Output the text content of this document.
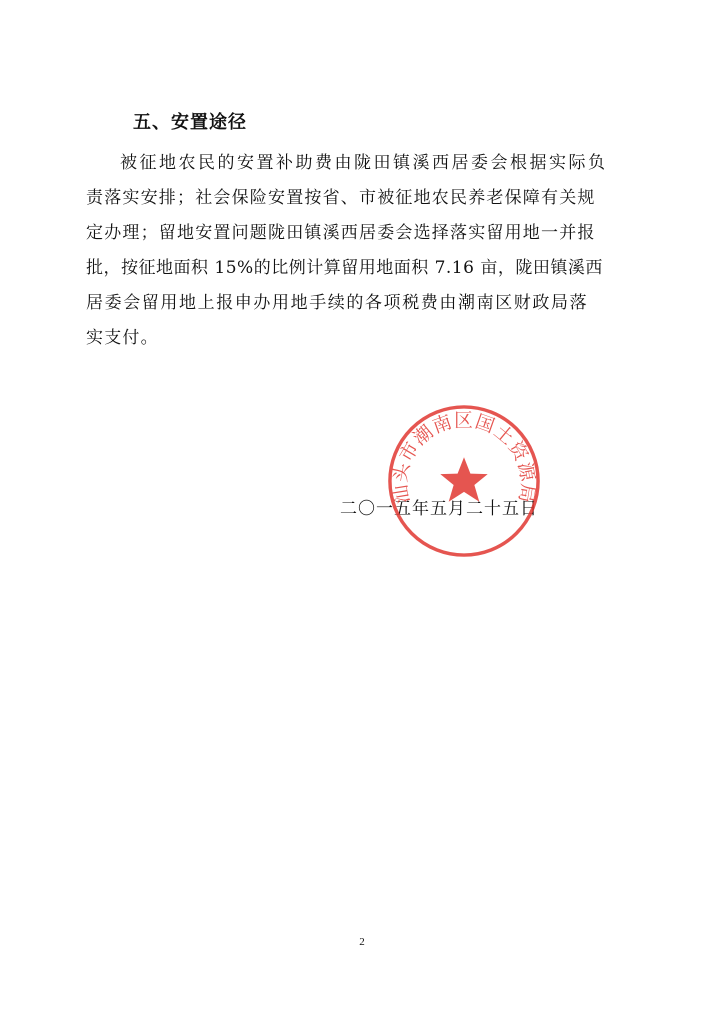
五、安置途径
被征地农民的安置补助费由陇田镇溪西居委会根据实际负
责落实安排；社会保险安置按省、市被征地农民养老保障有关规
定办理；留地安置问题陇田镇溪西居委会选择落实留用地一并报
批，按征地面积 15%的比例计算留用地面积 7.16 亩，陇田镇溪西
居委会留用地上报申办用地手续的各项税费由潮南区财政局落
实支付。
二〇一五年五月二十五日
汕头市潮南区国土资源局
2
